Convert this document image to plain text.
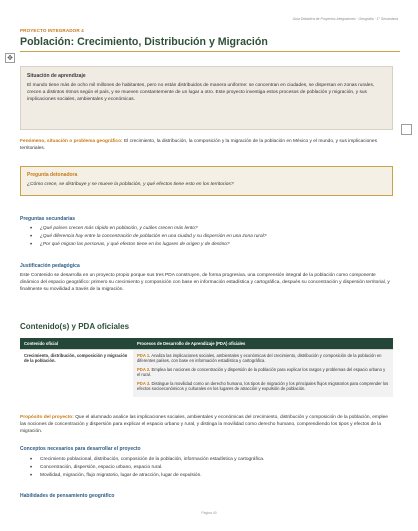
Guía Didáctica de Proyectos Integradores · Geografía · 1° Secundaria
PROYECTO INTEGRADOR 4
Población: Crecimiento, Distribución y Migración
✥
Situación de aprendizaje

El mundo tiene más de ocho mil millones de habitantes, pero no están distribuidos de manera uniforme: se concentran en ciudades, se dispersan en zonas rurales, crecen a distintos ritmos según el país, y se mueven constantemente de un lugar a otro. Este proyecto investiga estos procesos de población y migración, y sus implicaciones sociales, ambientales y económicas.

Fenómeno, situación o problema geográfico: El crecimiento, la distribución, la composición y la migración de la población en México y el mundo, y sus implicaciones territoriales.
Pregunta detonadora
¿Cómo crece, se distribuye y se mueve la población, y qué efectos tiene esto en los territorios?
Preguntas secundarias
• ¿Qué países crecen más rápido en población, y cuáles crecen más lento?
• ¿Qué diferencia hay entre la concentración de población en una ciudad y su dispersión en una zona rural?
• ¿Por qué migran las personas, y qué efectos tiene en los lugares de origen y de destino?
Justificación pedagógica
Este Contenido se desarrolla en un proyecto propio porque sus tres PDA construyen, de forma progresiva, una comprensión integral de la población como componente dinámico del espacio geográfico: primero su crecimiento y composición con base en información estadística y cartográfica, después su concentración y dispersión territorial, y finalmente su movilidad a través de la migración.
Contenido(s) y PDA oficiales
Contenido oficial	Procesos de Desarrollo de Aprendizaje (PDA) oficiales
Crecimiento, distribución, composición y migración de la población.	PDA 1. Analiza las implicaciones sociales, ambientales y económicas del crecimiento, distribución y composición de la población en diferentes países, con base en información estadística y cartográfica.
PDA 2. Emplea las nociones de concentración y dispersión de la población para explicar los rasgos y problemas del espacio urbano y el rural.
PDA 3. Distingue la movilidad como un derecho humano, los tipos de migración y los principales flujos migratorios para comprender los efectos socioeconómicos y culturales en los lugares de atracción y expulsión de población.
Propósito del proyecto: Que el alumnado analice las implicaciones sociales, ambientales y económicas del crecimiento, distribución y composición de la población, emplee las nociones de concentración y dispersión para explicar el espacio urbano y rural, y distinga la movilidad como derecho humano, comprendiendo los tipos y efectos de la migración.
Conceptos necesarios para desarrollar el proyecto
• Crecimiento poblacional, distribución, composición de la población, información estadística y cartográfica.
• Concentración, dispersión, espacio urbano, espacio rural.
• Movilidad, migración, flujo migratorio, lugar de atracción, lugar de expulsión.
Habilidades de pensamiento geográfico
Página 40
